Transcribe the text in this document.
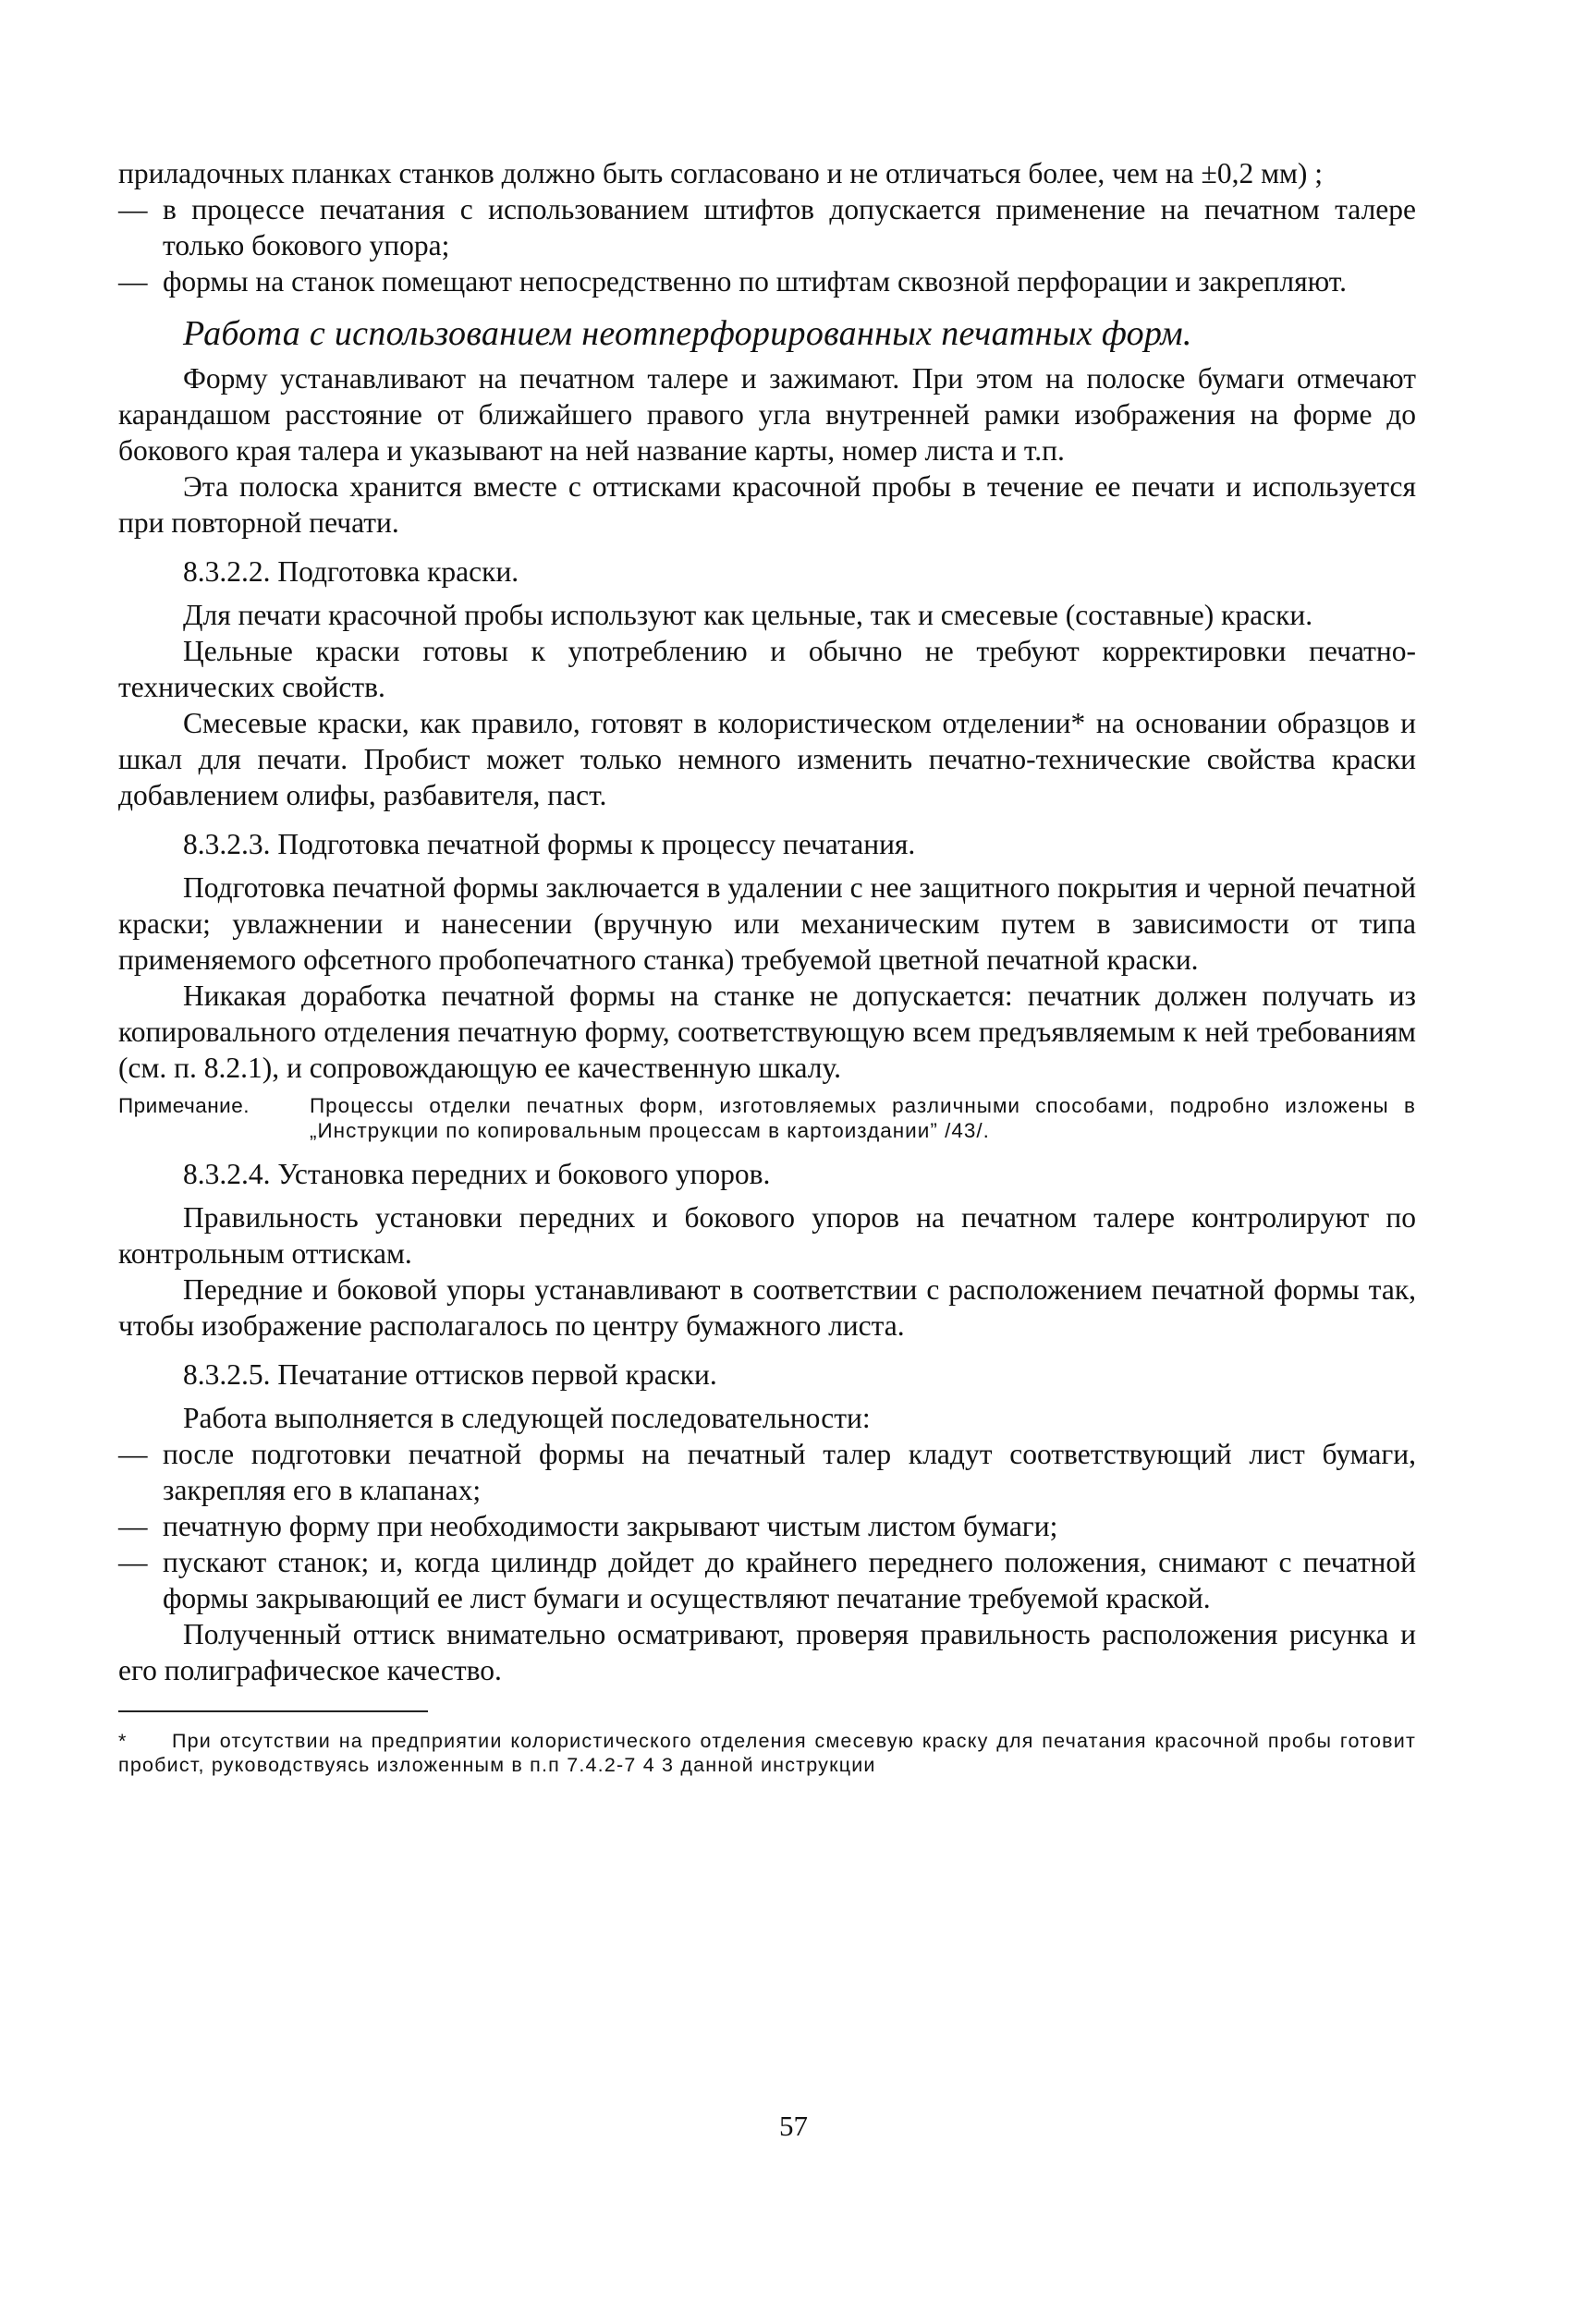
приладочных планках станков должно быть согласовано и не отличаться более, чем на ±0,2 мм) ;

— в процессе печатания с использованием штифтов допускается применение на печатном талере только бокового упора;

— формы на станок помещают непосредственно по штифтам сквозной перфорации и закрепляют.

Работа с использованием неотперфорированных печатных форм.

Форму устанавливают на печатном талере и зажимают. При этом на полоске бумаги отмечают карандашом расстояние от ближайшего правого угла внутренней рамки изображения на форме до бокового края талера и указывают на ней название карты, номер листа и т.п.

Эта полоска хранится вместе с оттисками красочной пробы в течение ее печати и используется при повторной печати.

8.3.2.2. Подготовка краски.

Для печати красочной пробы используют как цельные, так и смесевые (составные) краски.

Цельные краски готовы к употреблению и обычно не требуют корректировки печатно-технических свойств.

Смесевые краски, как правило, готовят в колористическом отделении* на основании образцов и шкал для печати. Пробист может только немного изменить печатно-технические свойства краски добавлением олифы, разбавителя, паст.

8.3.2.3. Подготовка печатной формы к процессу печатания.

Подготовка печатной формы заключается в удалении с нее защитного покрытия и черной печатной краски; увлажнении и нанесении (вручную или механическим путем в зависимости от типа применяемого офсетного пробопечатного станка) требуемой цветной печатной краски.

Никакая доработка печатной формы на станке не допускается: печатник должен получать из копировального отделения печатную форму, соответствующую всем предъявляемым к ней требованиям (см. п. 8.2.1), и сопровождающую ее качественную шкалу.

Примечание.	Процессы отделки печатных форм, изготовляемых различными способами, подробно изложены в „Инструкции по копировальным процессам в картоиздании” /43/.

8.3.2.4. Установка передних и бокового упоров.

Правильность установки передних и бокового упоров на печатном талере контролируют по контрольным оттискам.

Передние и боковой упоры устанавливают в соответствии с расположением печатной формы так, чтобы изображение располагалось по центру бумажного листа.

8.3.2.5. Печатание оттисков первой краски.

Работа выполняется в следующей последовательности:

— после подготовки печатной формы на печатный талер кладут соответствующий лист бумаги, закрепляя его в клапанах;

— печатную форму при необходимости закрывают чистым листом бумаги;

— пускают станок; и, когда цилиндр дойдет до крайнего переднего положения, снимают с печатной формы закрывающий ее лист бумаги и осуществляют печатание требуемой краской.

Полученный оттиск внимательно осматривают, проверяя правильность расположения рисунка и его полиграфическое качество.

* При отсутствии на предприятии колористического отделения смесевую краску для печатания красочной пробы готовит пробист, руководствуясь изложенным в п.п 7.4.2-7 4 3 данной инструкции

57
